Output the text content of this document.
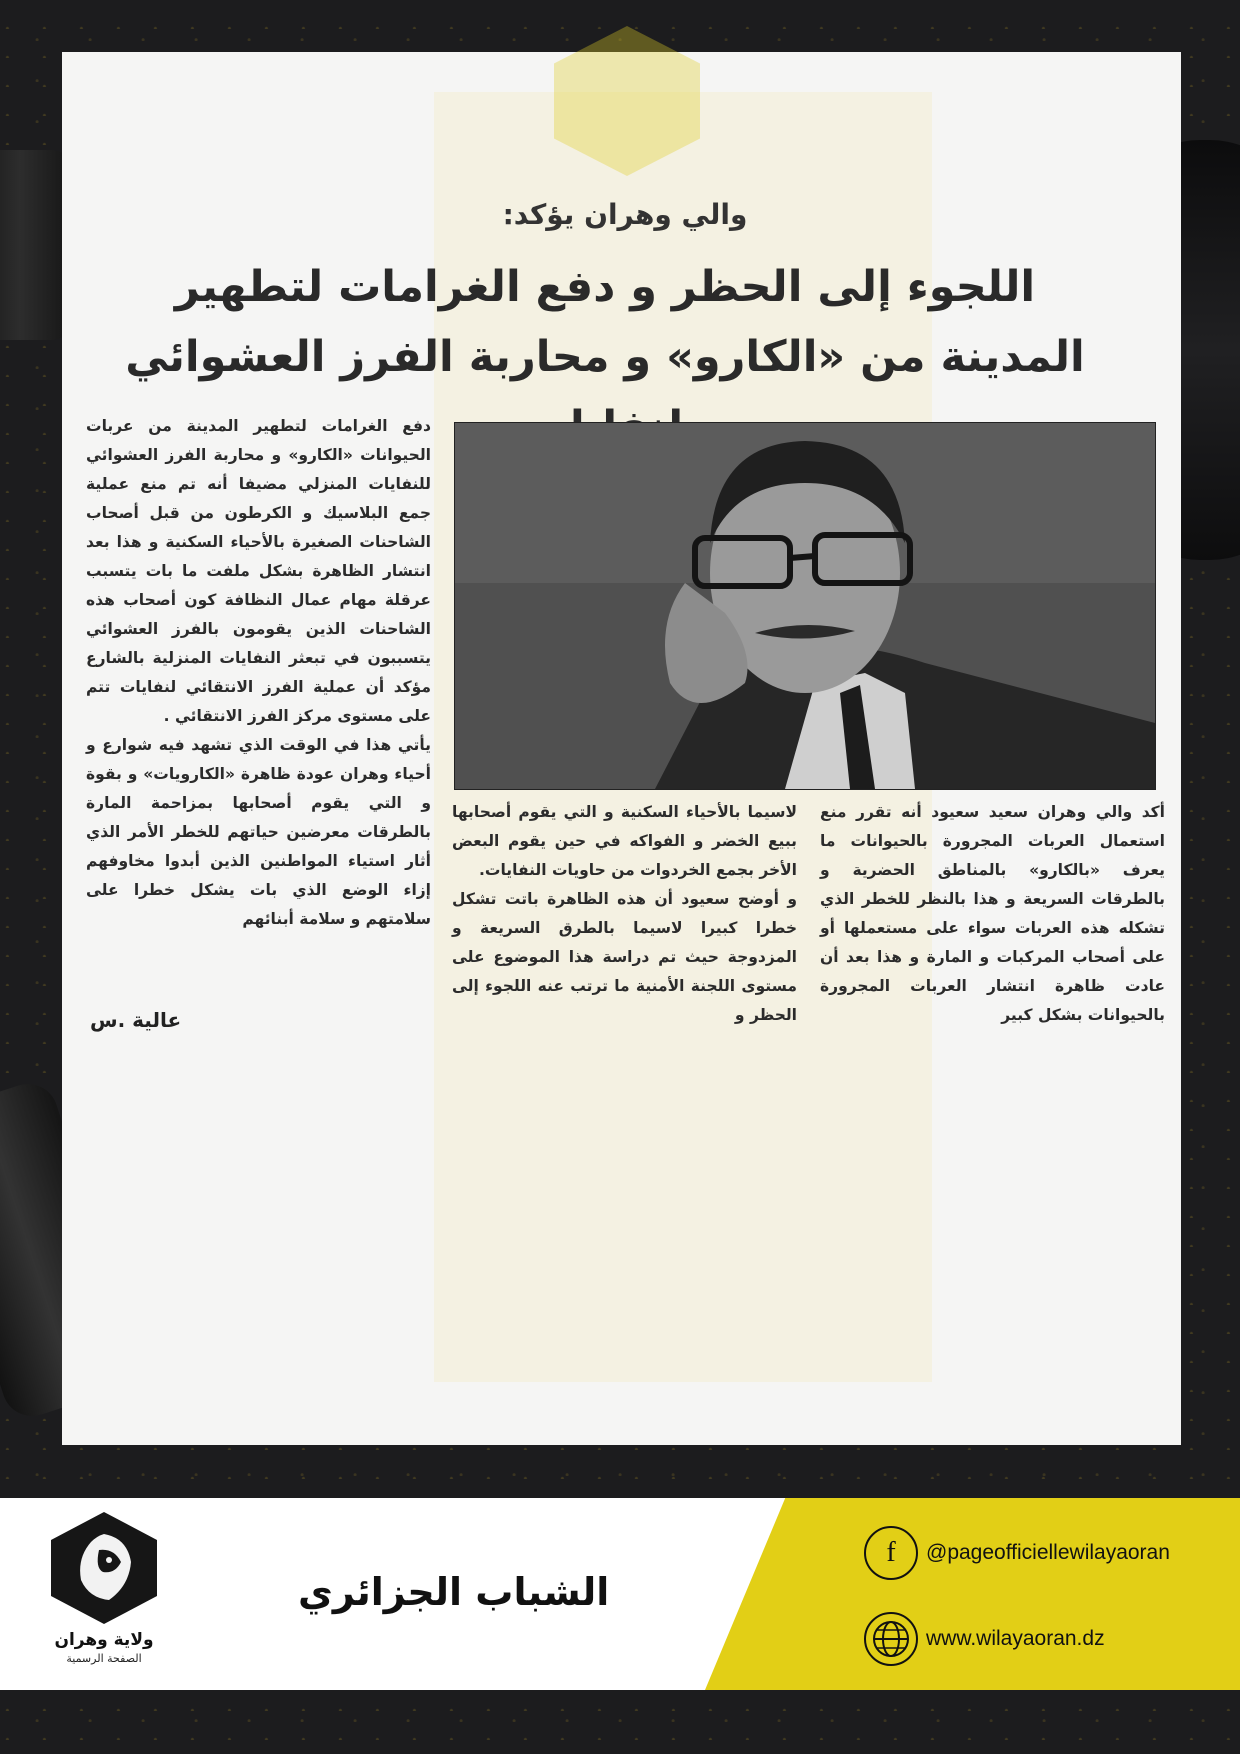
والي وهران يؤكد:
اللجوء إلى الحظر و دفع الغرامات لتطهير المدينة من «الكارو» و محاربة الفرز العشوائي

دفع الغرامات لتطهير المدينة من عربات الحيوانات «الكارو» و محاربة الفرز العشوائي للنفايات المنزلي مضيفا أنه تم منع عملية جمع البلاسيك و الكرطون من قبل أصحاب الشاحنات الصغيرة بالأحياء السكنية و هذا بعد انتشار الظاهرة بشكل ملفت ما بات يتسبب عرقلة مهام عمال النظافة كون أصحاب هذه الشاحنات الذين يقومون بالفرز العشوائي يتسببون في تبعثر النفايات المنزلية بالشارع مؤكد أن عملية الفرز الانتقائي لنفايات تتم على مستوى مركز الفرز الانتقائي .

يأتي هذا في الوقت الذي تشهد فيه شوارع و أحياء وهران عودة ظاهرة «الكارويات» و بقوة و التي يقوم أصحابها بمزاحمة المارة بالطرقات معرضين حياتهم للخطر الأمر الذي أثار استياء المواطنين الذين أبدوا مخاوفهم إزاء الوضع الذي بات يشكل خطرا على سلامتهم و سلامة أبنائهم

لاسيما بالأحياء السكنية و التي يقوم أصحابها ببيع الخضر و الفواكه في حين يقوم البعض الأخر بجمع الخردوات من حاويات النفايات.

و أوضح سعيود أن هذه الظاهرة باتت تشكل خطرا كبيرا لاسيما بالطرق السريعة و المزدوجة حيث تم دراسة هذا الموضوع على مستوى اللجنة الأمنية ما ترتب عنه اللجوء إلى الحظر و

أكد والي وهران سعيد سعيود أنه تقرر منع استعمال العربات المجرورة بالحيوانات ما يعرف «بالكارو» بالمناطق الحضرية و بالطرقات السريعة و هذا بالنظر للخطر الذي تشكله هذه العربات سواء على مستعملها أو على أصحاب المركبات و المارة و هذا بعد أن عادت ظاهرة انتشار العربات المجرورة بالحيوانات بشكل كبير

عالية .س
ولاية وهران
الصفحة الرسمية
الشباب الجزائري
f	@pageofficiellewilayaoran
www.wilayaoran.dz
